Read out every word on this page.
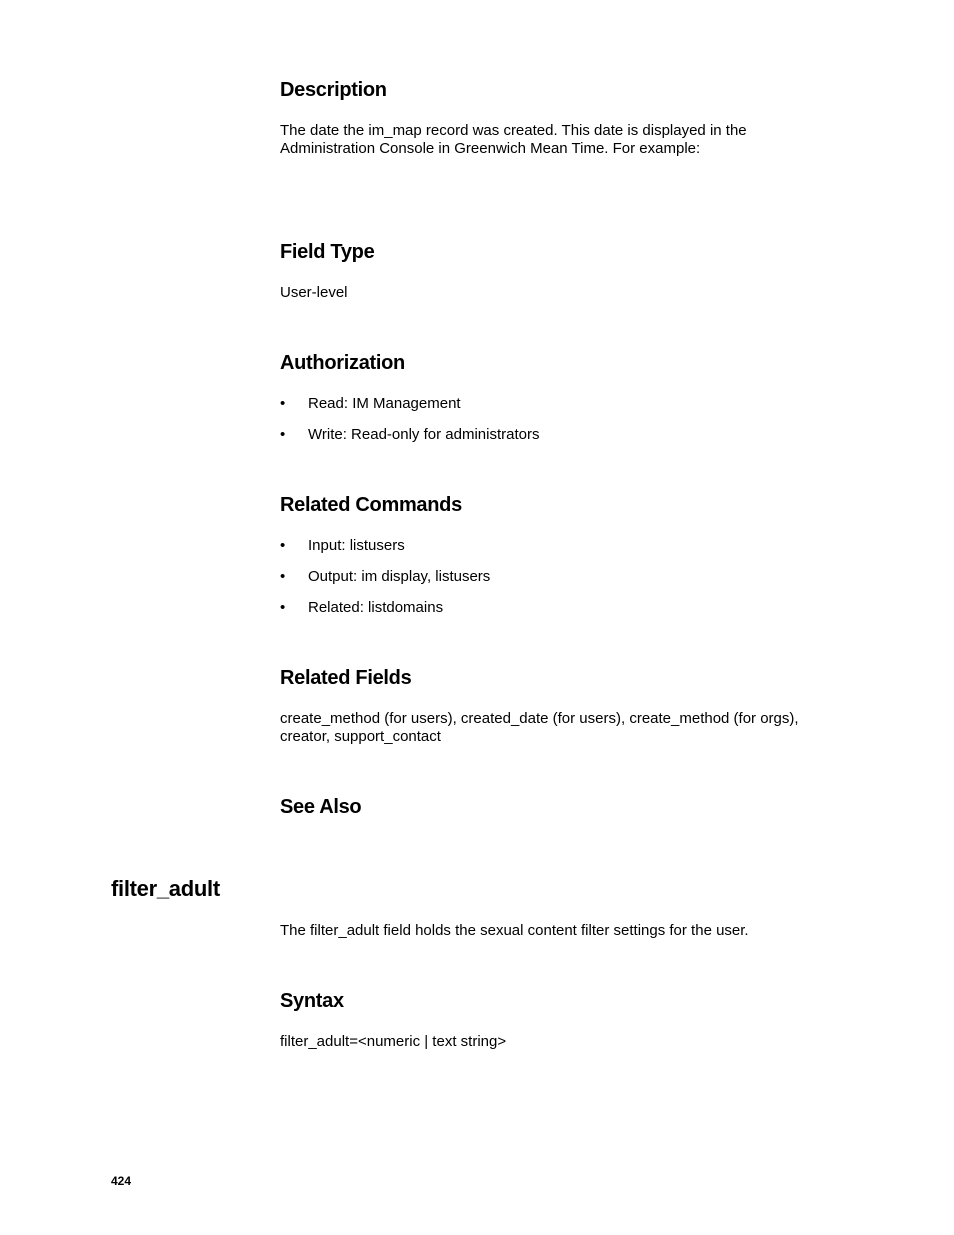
Description

The date the im_map record was created. This date is displayed in the Administration Console in Greenwich Mean Time. For example:

Field Type

User-level

Authorization
• Read: IM Management
• Write: Read-only for administrators
Related Commands
• Input: listusers
• Output: im display, listusers
• Related: listdomains
Related Fields

create_method (for users), created_date (for users), create_method (for orgs), creator, support_contact

See Also
filter_adult

The filter_adult field holds the sexual content filter settings for the user.

Syntax

filter_adult=<numeric | text string>

424
